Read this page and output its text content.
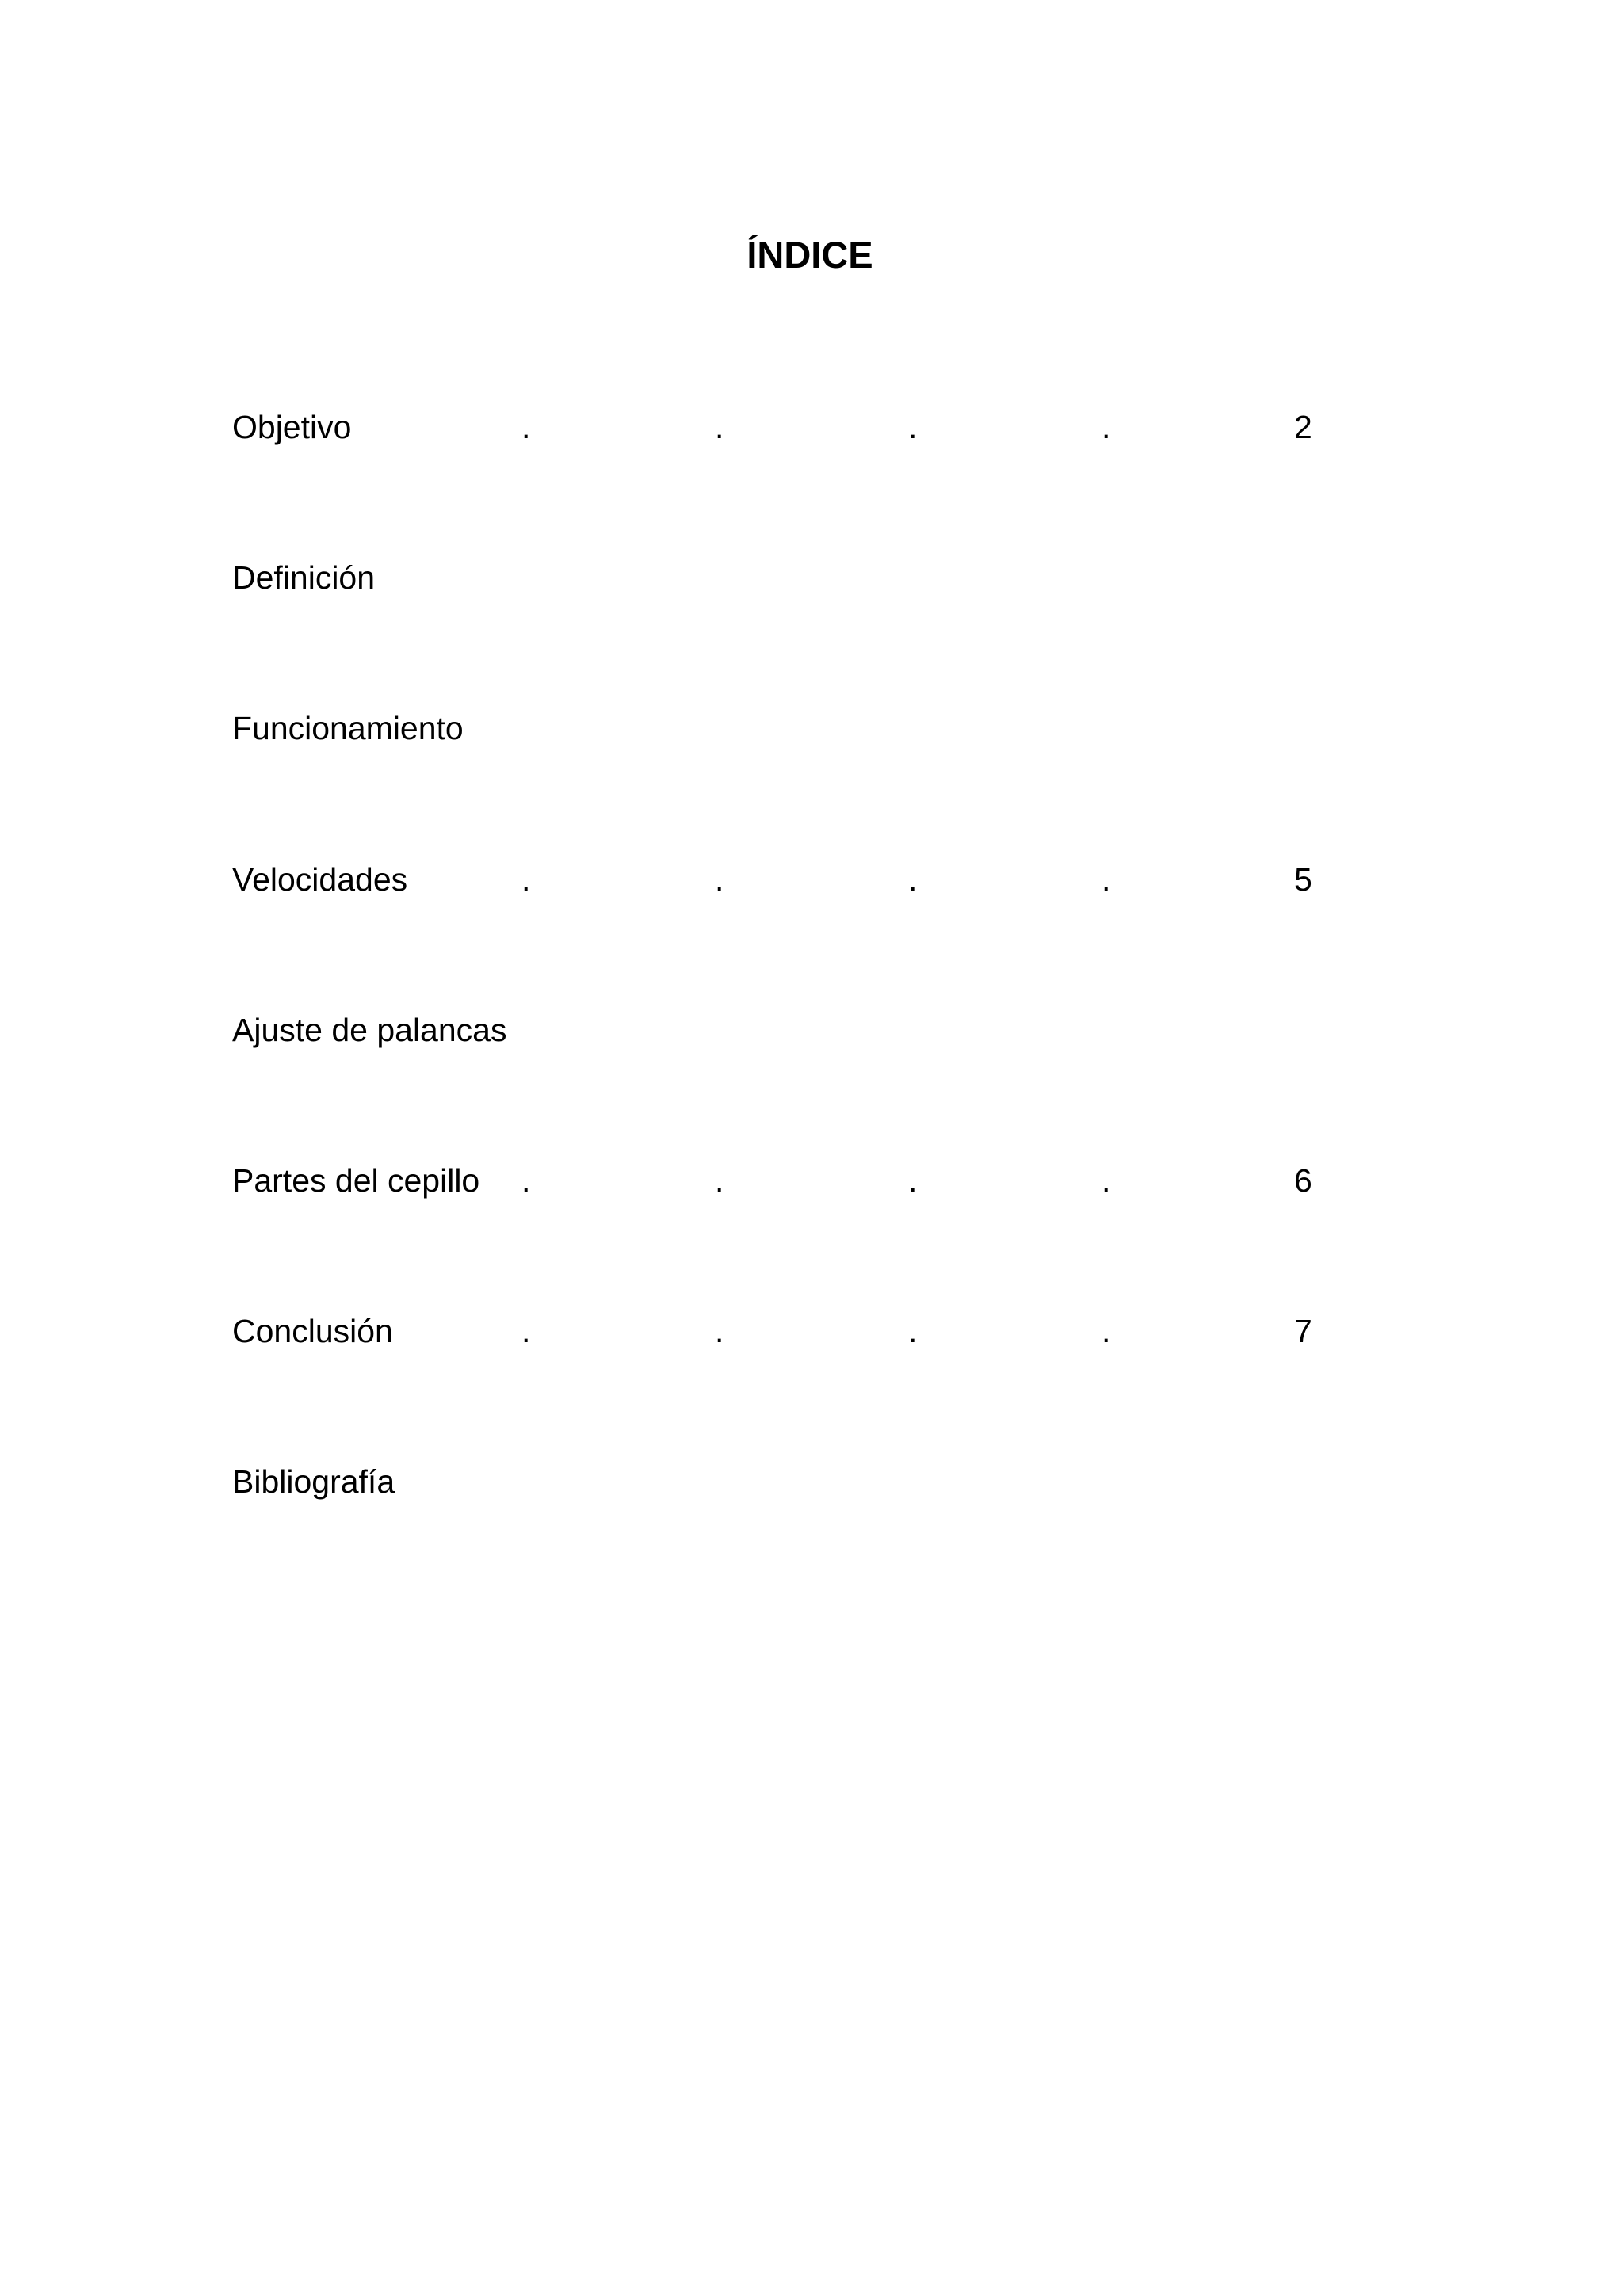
ÍNDICE
Objetivo	.	.	.	.	2
Definición
Funcionamiento
Velocidades	.	.	.	.	5
Ajuste de palancas
Partes del cepillo .	.	.	.	6
Conclusión	.	.	.	.	7
Bibliografía
